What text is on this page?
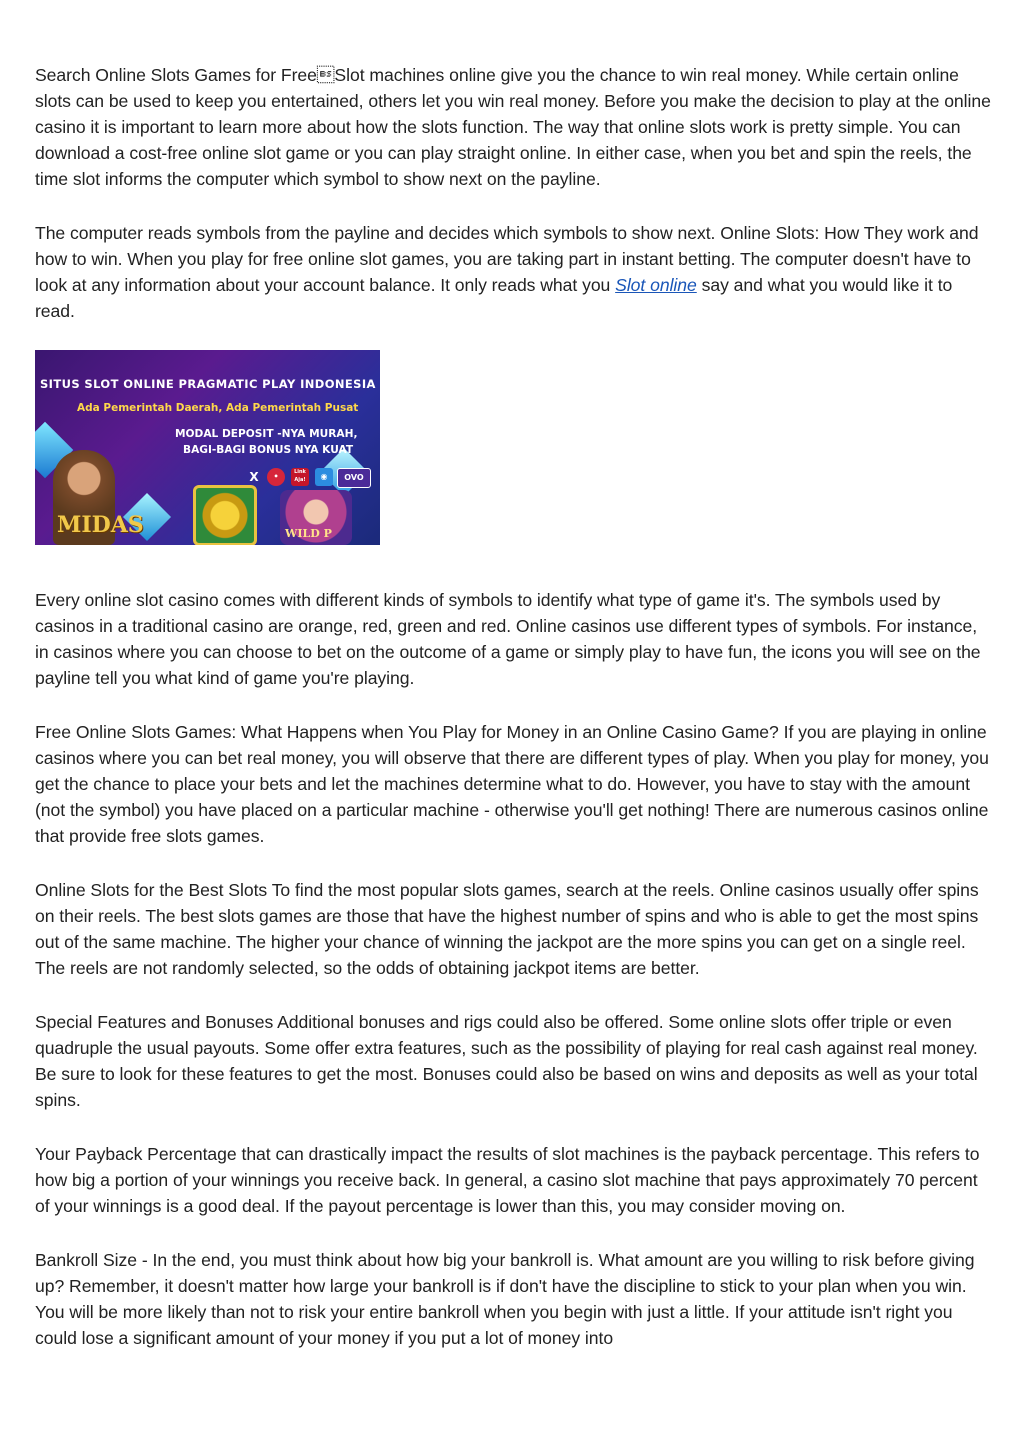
Search Online Slots Games for FreeSlot machines online give you the chance to win real money. While certain online slots can be used to keep you entertained, others let you win real money. Before you make the decision to play at the online casino it is important to learn more about how the slots function. The way that online slots work is pretty simple. You can download a cost-free online slot game or you can play straight online. In either case, when you bet and spin the reels, the time slot informs the computer which symbol to show next on the payline.

The computer reads symbols from the payline and decides which symbols to show next. Online Slots: How They work and how to win. When you play for free online slot games, you are taking part in instant betting. The computer doesn't have to look at any information about your account balance. It only reads what you Slot online say and what you would like it to read.

SITUS SLOT ONLINE PRAGMATIC PLAY INDONESIA
Ada Pemerintah Daerah, Ada Pemerintah Pusat
MODAL DEPOSIT -NYA MURAH,
BAGI-BAGI BONUS NYA KUAT
X	•	Link Aja!	◉	OVO
MIDAS	WILD P

Every online slot casino comes with different kinds of symbols to identify what type of game it's. The symbols used by casinos in a traditional casino are orange, red, green and red. Online casinos use different types of symbols. For instance, in casinos where you can choose to bet on the outcome of a game or simply play to have fun, the icons you will see on the payline tell you what kind of game you're playing.

Free Online Slots Games: What Happens when You Play for Money in an Online Casino Game? If you are playing in online casinos where you can bet real money, you will observe that there are different types of play. When you play for money, you get the chance to place your bets and let the machines determine what to do. However, you have to stay with the amount (not the symbol) you have placed on a particular machine - otherwise you'll get nothing! There are numerous casinos online that provide free slots games.

Online Slots for the Best Slots To find the most popular slots games, search at the reels. Online casinos usually offer spins on their reels. The best slots games are those that have the highest number of spins and who is able to get the most spins out of the same machine. The higher your chance of winning the jackpot are the more spins you can get on a single reel. The reels are not randomly selected, so the odds of obtaining jackpot items are better.

Special Features and Bonuses Additional bonuses and rigs could also be offered. Some online slots offer triple or even quadruple the usual payouts. Some offer extra features, such as the possibility of playing for real cash against real money. Be sure to look for these features to get the most. Bonuses could also be based on wins and deposits as well as your total spins.

Your Payback Percentage that can drastically impact the results of slot machines is the payback percentage. This refers to how big a portion of your winnings you receive back. In general, a casino slot machine that pays approximately 70 percent of your winnings is a good deal. If the payout percentage is lower than this, you may consider moving on.

Bankroll Size - In the end, you must think about how big your bankroll is. What amount are you willing to risk before giving up? Remember, it doesn't matter how large your bankroll is if don't have the discipline to stick to your plan when you win. You will be more likely than not to risk your entire bankroll when you begin with just a little. If your attitude isn't right you could lose a significant amount of your money if you put a lot of money into
